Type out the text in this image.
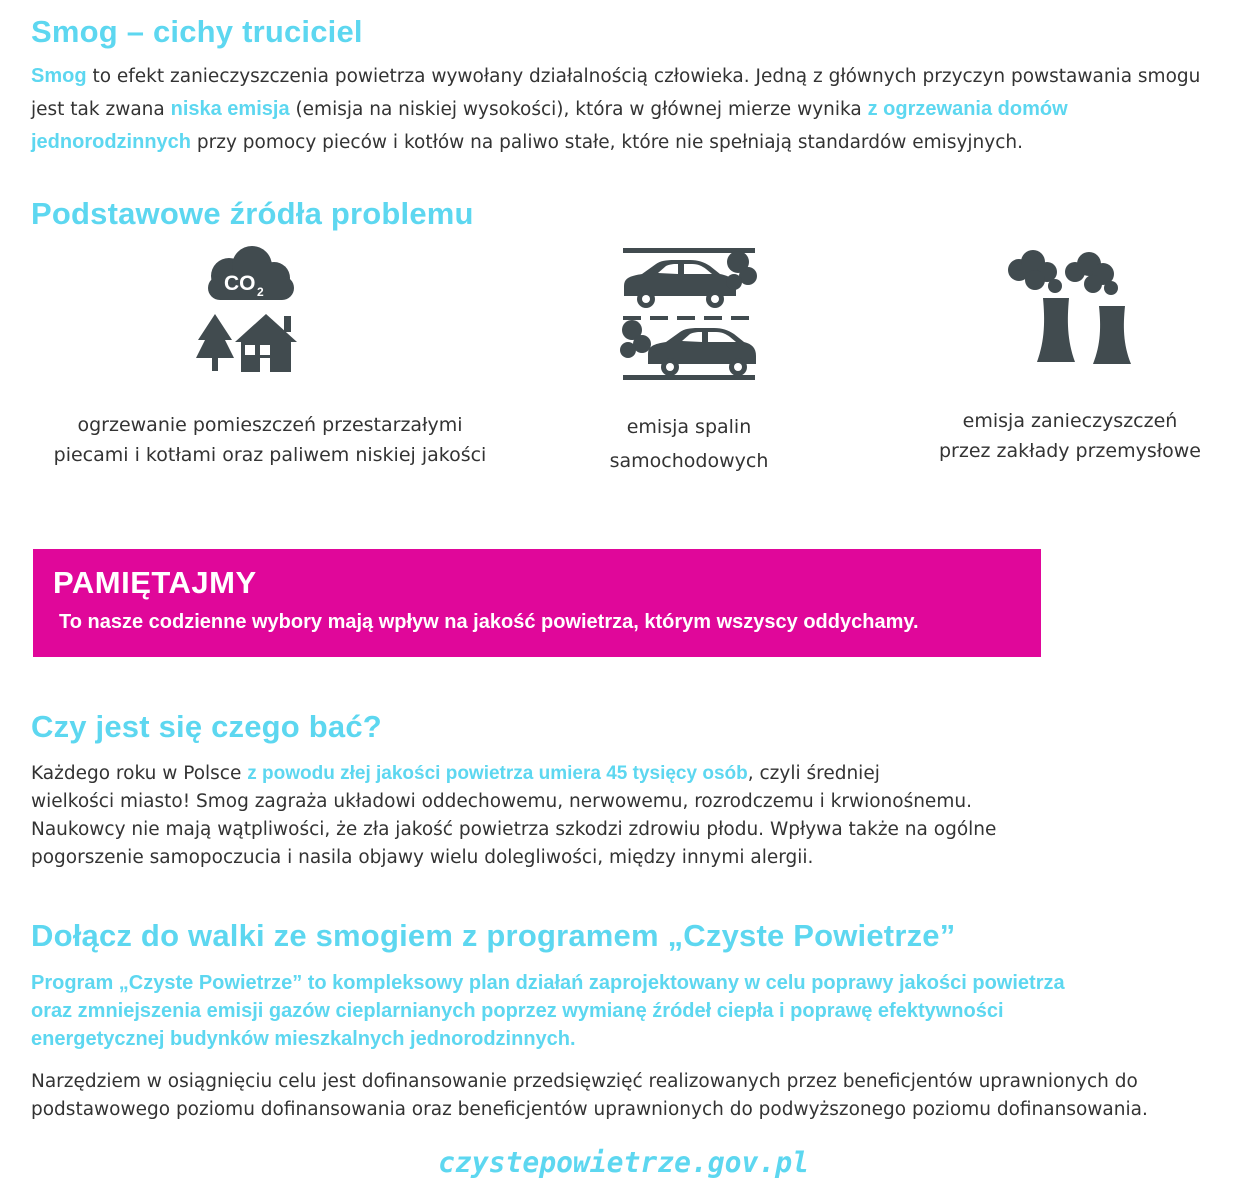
Smog – cichy truciciel
Smog to efekt zanieczyszczenia powietrza wywołany działalnością człowieka. Jedną z głównych przyczyn powstawania smogu jest tak zwana niska emisja (emisja na niskiej wysokości), która w głównej mierze wynika z ogrzewania domów jednorodzinnych przy pomocy pieców i kotłów na paliwo stałe, które nie spełniają standardów emisyjnych.
Podstawowe źródła problemu
CO 2
ogrzewanie pomieszczeń przestarzałymi
piecami i kotłami oraz paliwem niskiej jakości
emisja spalin
samochodowych
emisja zanieczyszczeń
przez zakłady przemysłowe
PAMIĘTAJMY
To nasze codzienne wybory mają wpływ na jakość powietrza, którym wszyscy oddychamy.
Czy jest się czego bać?
Każdego roku w Polsce z powodu złej jakości powietrza umiera 45 tysięcy osób, czyli średniej
wielkości miasto! Smog zagraża układowi oddechowemu, nerwowemu, rozrodczemu i krwionośnemu.
Naukowcy nie mają wątpliwości, że zła jakość powietrza szkodzi zdrowiu płodu. Wpływa także na ogólne
pogorszenie samopoczucia i nasila objawy wielu dolegliwości, między innymi alergii.
Dołącz do walki ze smogiem z programem „Czyste Powietrze”
Program „Czyste Powietrze” to kompleksowy plan działań zaprojektowany w celu poprawy jakości powietrza
oraz zmniejszenia emisji gazów cieplarnianych poprzez wymianę źródeł ciepła i poprawę efektywności
energetycznej budynków mieszkalnych jednorodzinnych.
Narzędziem w osiągnięciu celu jest dofinansowanie przedsięwzięć realizowanych przez beneficjentów uprawnionych do
podstawowego poziomu dofinansowania oraz beneficjentów uprawnionych do podwyższonego poziomu dofinansowania.
czystepowietrze.gov.pl
